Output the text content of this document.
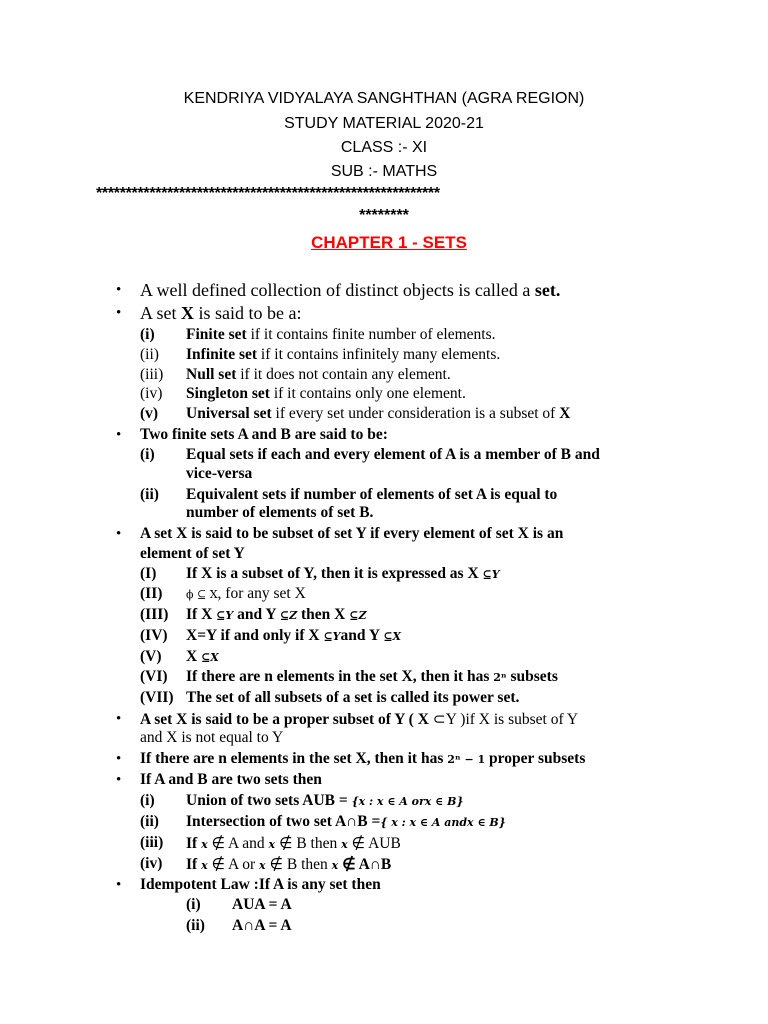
KENDRIYA VIDYALAYA SANGHTHAN (AGRA REGION)
STUDY MATERIAL 2020-21
CLASS :- XI
SUB :- MATHS
**********************************************************
********
CHAPTER 1 - SETS
• A well defined collection of distinct objects is called a set.
• A set X is said to be a:
(i) Finite set if it contains finite number of elements.
(ii) Infinite set if it contains infinitely many elements.
(iii) Null set if it does not contain any element.
(iv) Singleton set if it contains only one element.
(v) Universal set if every set under consideration is a subset of X
• Two finite sets A and B are said to be:
(i) Equal sets if each and every element of A is a member of B and
vice-versa
(ii) Equivalent sets if number of elements of set A is equal to
number of elements of set B.
• A set X is said to be subset of set Y if every element of set X is an
element of set Y
(I) If X is a subset of Y, then it is expressed as X ⊆Y
(II) ϕ ⊆ X, for any set X
(III) If X ⊆Y and Y ⊆Z then X ⊆Z
(IV) X=Y if and only if X ⊆Yand Y ⊆X
(V) X ⊆X
(VI) If there are n elements in the set X, then it has 2ⁿ subsets
(VII) The set of all subsets of a set is called its power set.
• A set X is said to be a proper subset of Y ( X ⊂Y )if X is subset of Y
and X is not equal to Y
• If there are n elements in the set X, then it has 2ⁿ − 1 proper subsets
• If A and B are two sets then
(i) Union of two sets AUB = {x : x ∈ A orx ∈ B}
(ii) Intersection of two set A∩B ={ x : x ∈ A andx ∈ B}
(iii) If x ∉ A and x ∉ B then x ∉ AUB
(iv) If x ∉ A or x ∉ B then x ∉ A∩B
• Idempotent Law :If A is any set then
(i) AUA = A
(ii) A∩A = A
